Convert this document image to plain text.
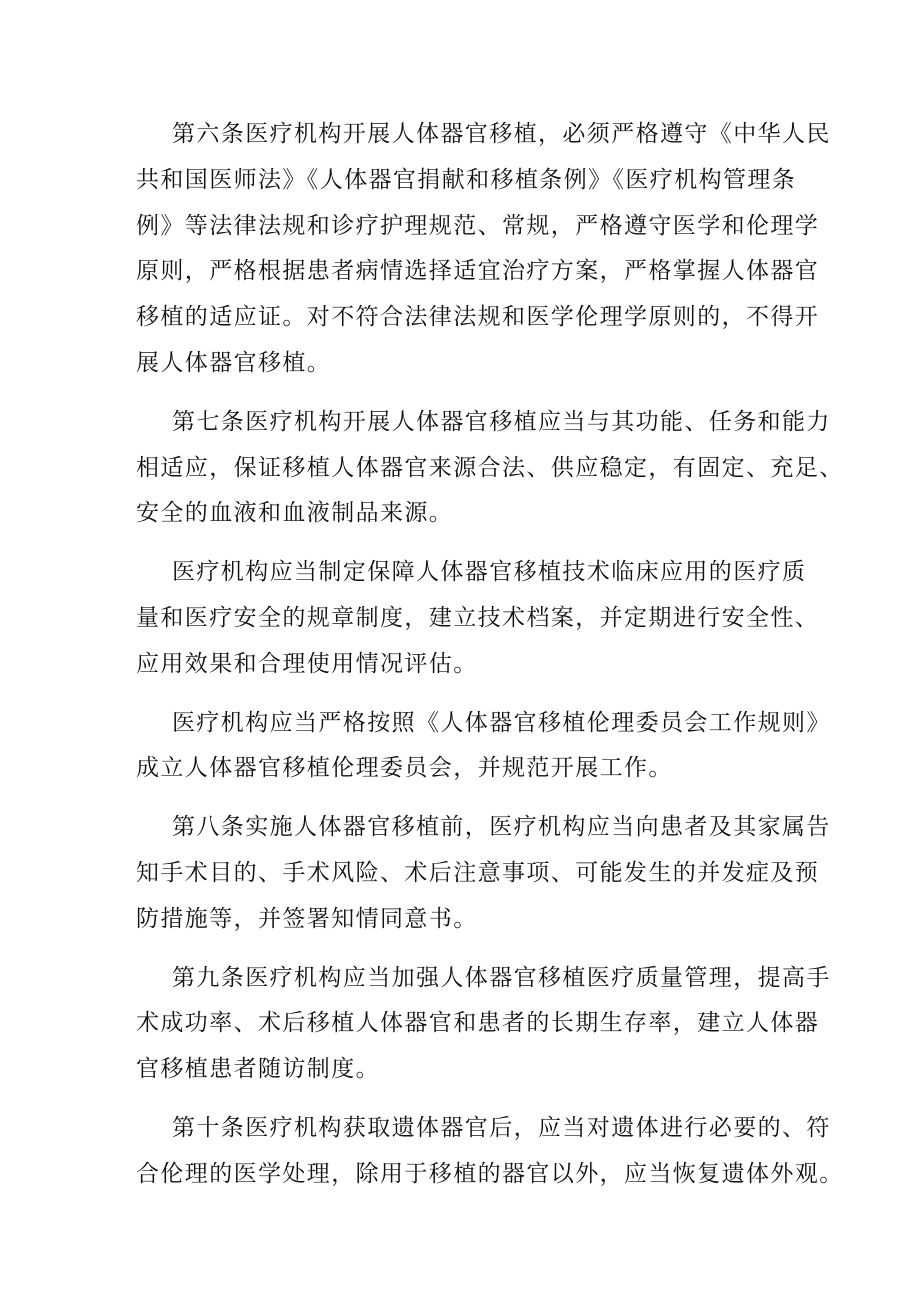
第六条医疗机构开展人体器官移植，必须严格遵守《中华人民
共和国医师法》《人体器官捐献和移植条例》《医疗机构管理条
例》等法律法规和诊疗护理规范、常规，严格遵守医学和伦理学
原则，严格根据患者病情选择适宜治疗方案，严格掌握人体器官
移植的适应证。对不符合法律法规和医学伦理学原则的，不得开
展人体器官移植。

第七条医疗机构开展人体器官移植应当与其功能、任务和能力
相适应，保证移植人体器官来源合法、供应稳定，有固定、充足、
安全的血液和血液制品来源。

医疗机构应当制定保障人体器官移植技术临床应用的医疗质
量和医疗安全的规章制度，建立技术档案，并定期进行安全性、
应用效果和合理使用情况评估。

医疗机构应当严格按照《人体器官移植伦理委员会工作规则》
成立人体器官移植伦理委员会，并规范开展工作。

第八条实施人体器官移植前，医疗机构应当向患者及其家属告
知手术目的、手术风险、术后注意事项、可能发生的并发症及预
防措施等，并签署知情同意书。

第九条医疗机构应当加强人体器官移植医疗质量管理，提高手
术成功率、术后移植人体器官和患者的长期生存率，建立人体器
官移植患者随访制度。

第十条医疗机构获取遗体器官后，应当对遗体进行必要的、符
合伦理的医学处理，除用于移植的器官以外，应当恢复遗体外观。
